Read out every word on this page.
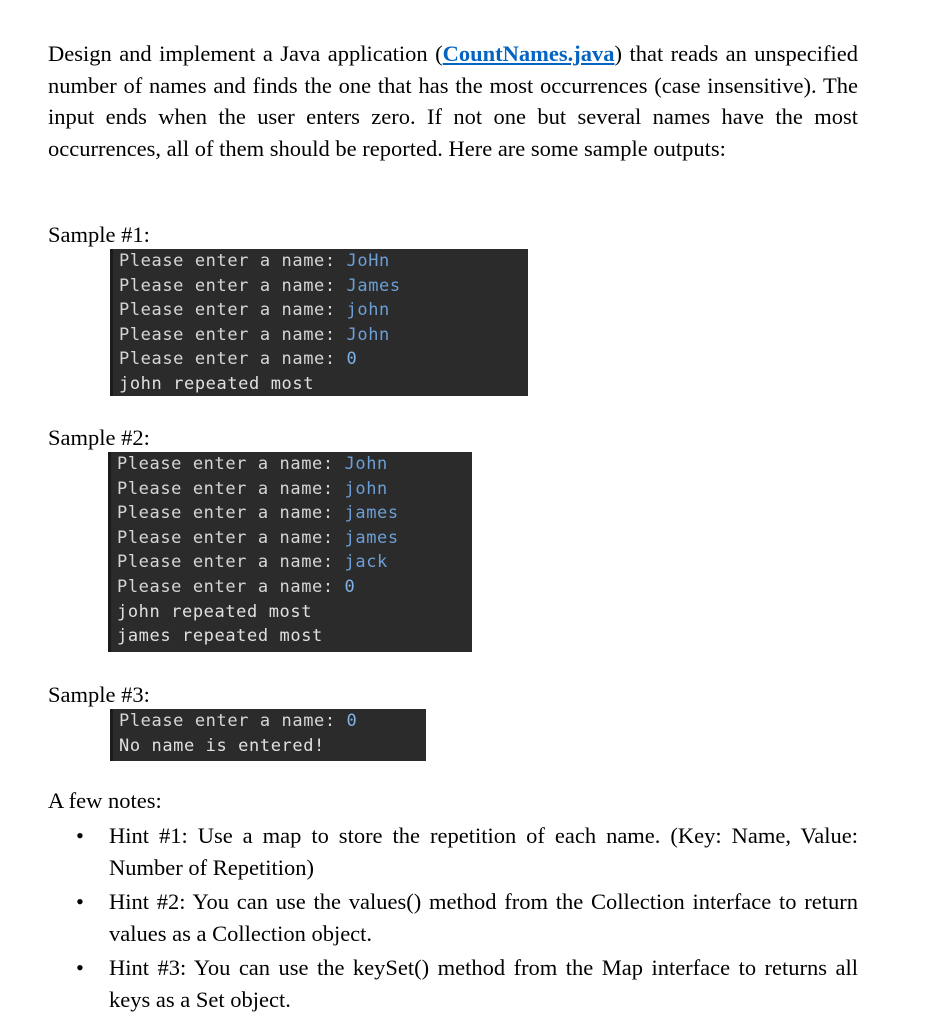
Design and implement a Java application (CountNames.java) that reads an unspecified number of names and finds the one that has the most occurrences (case insensitive). The input ends when the user enters zero. If not one but several names have the most occurrences, all of them should be reported. Here are some sample outputs:

Sample #1:

Please enter a name: JoHn
Please enter a name: James
Please enter a name: john
Please enter a name: John
Please enter a name: 0
john repeated most

Sample #2:

Please enter a name: John
Please enter a name: john
Please enter a name: james
Please enter a name: james
Please enter a name: jack
Please enter a name: 0
john repeated most
james repeated most

Sample #3:

Please enter a name: 0
No name is entered!

A few notes:

• Hint #1: Use a map to store the repetition of each name. (Key: Name, Value: Number of Repetition)
• Hint #2: You can use the values() method from the Collection interface to return values as a Collection object.
• Hint #3: You can use the keySet() method from the Map interface to returns all keys as a Set object.
